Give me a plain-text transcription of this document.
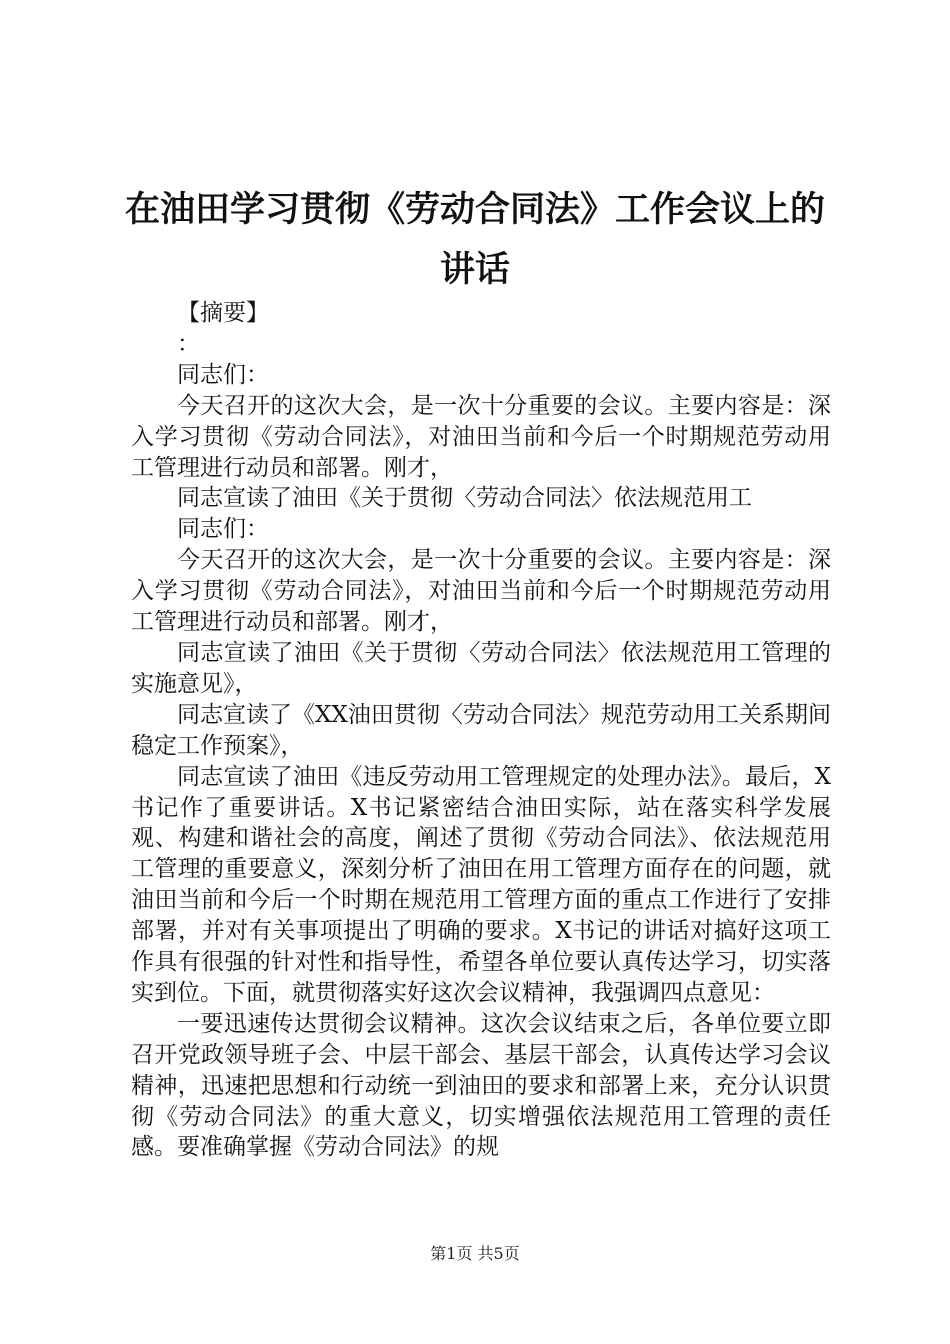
在油田学习贯彻《劳动合同法》工作会议上的讲话

【摘要】

：

同志们：

今天召开的这次大会，是一次十分重要的会议。主要内容是：深入学习贯彻《劳动合同法》，对油田当前和今后一个时期规范劳动用工管理进行动员和部署。刚才，

同志宣读了油田《关于贯彻〈劳动合同法〉依法规范用工

同志们：

今天召开的这次大会，是一次十分重要的会议。主要内容是：深入学习贯彻《劳动合同法》，对油田当前和今后一个时期规范劳动用工管理进行动员和部署。刚才，

同志宣读了油田《关于贯彻〈劳动合同法〉依法规范用工管理的实施意见》，

同志宣读了《XX油田贯彻〈劳动合同法〉规范劳动用工关系期间稳定工作预案》，

同志宣读了油田《违反劳动用工管理规定的处理办法》。最后，X书记作了重要讲话。X书记紧密结合油田实际，站在落实科学发展观、构建和谐社会的高度，阐述了贯彻《劳动合同法》、依法规范用工管理的重要意义，深刻分析了油田在用工管理方面存在的问题，就油田当前和今后一个时期在规范用工管理方面的重点工作进行了安排部署，并对有关事项提出了明确的要求。X书记的讲话对搞好这项工作具有很强的针对性和指导性，希望各单位要认真传达学习，切实落实到位。下面，就贯彻落实好这次会议精神，我强调四点意见：

一要迅速传达贯彻会议精神。这次会议结束之后，各单位要立即召开党政领导班子会、中层干部会、基层干部会，认真传达学习会议精神，迅速把思想和行动统一到油田的要求和部署上来，充分认识贯彻《劳动合同法》的重大意义，切实增强依法规范用工管理的责任感。要准确掌握《劳动合同法》的规

第1页 共5页
